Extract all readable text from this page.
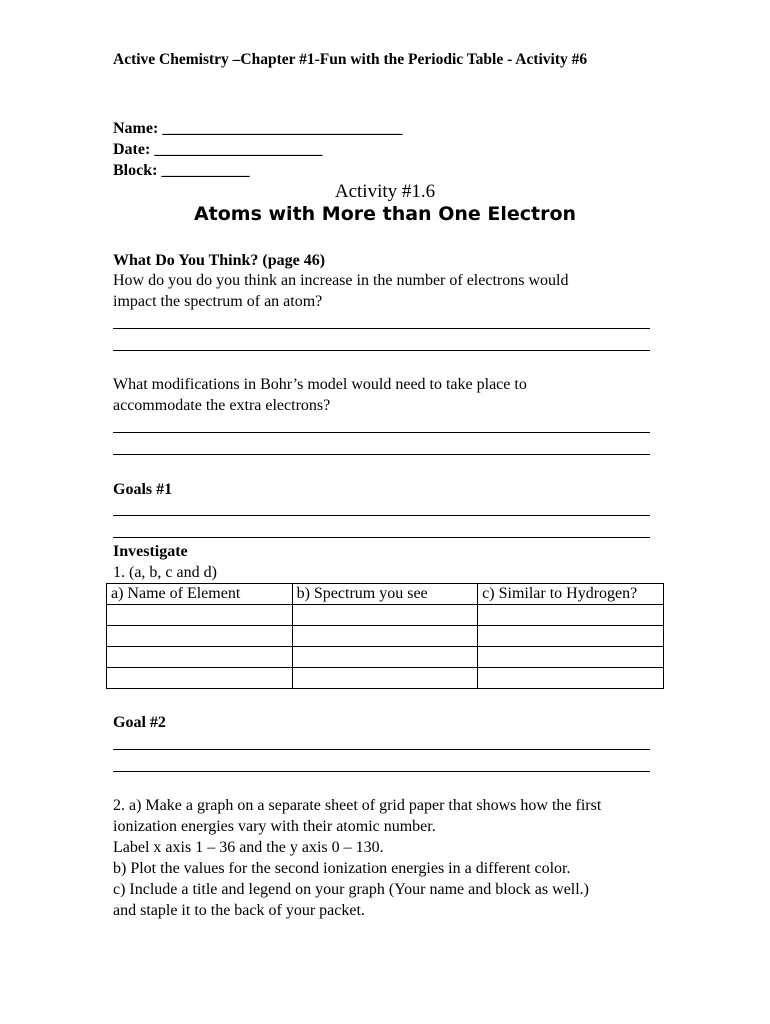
Active Chemistry –Chapter #1-Fun with the Periodic Table - Activity #6
Name: ______________________________
Date: _____________________
Block: ___________
Activity #1.6
Atoms with More than One Electron
What Do You Think? (page 46)
How do you do you think an increase in the number of electrons would
impact the spectrum of an atom?
What modifications in Bohr’s model would need to take place to
accommodate the extra electrons?
Goals #1
Investigate
1. (a, b, c and d)
a) Name of Element	b) Spectrum you see	c) Similar to Hydrogen?

Goal #2
2. a) Make a graph on a separate sheet of grid paper that shows how the first
ionization energies vary with their atomic number.
Label x axis 1 – 36 and the y axis 0 – 130.
b) Plot the values for the second ionization energies in a different color.
c) Include a title and legend on your graph (Your name and block as well.)
and staple it to the back of your packet.
